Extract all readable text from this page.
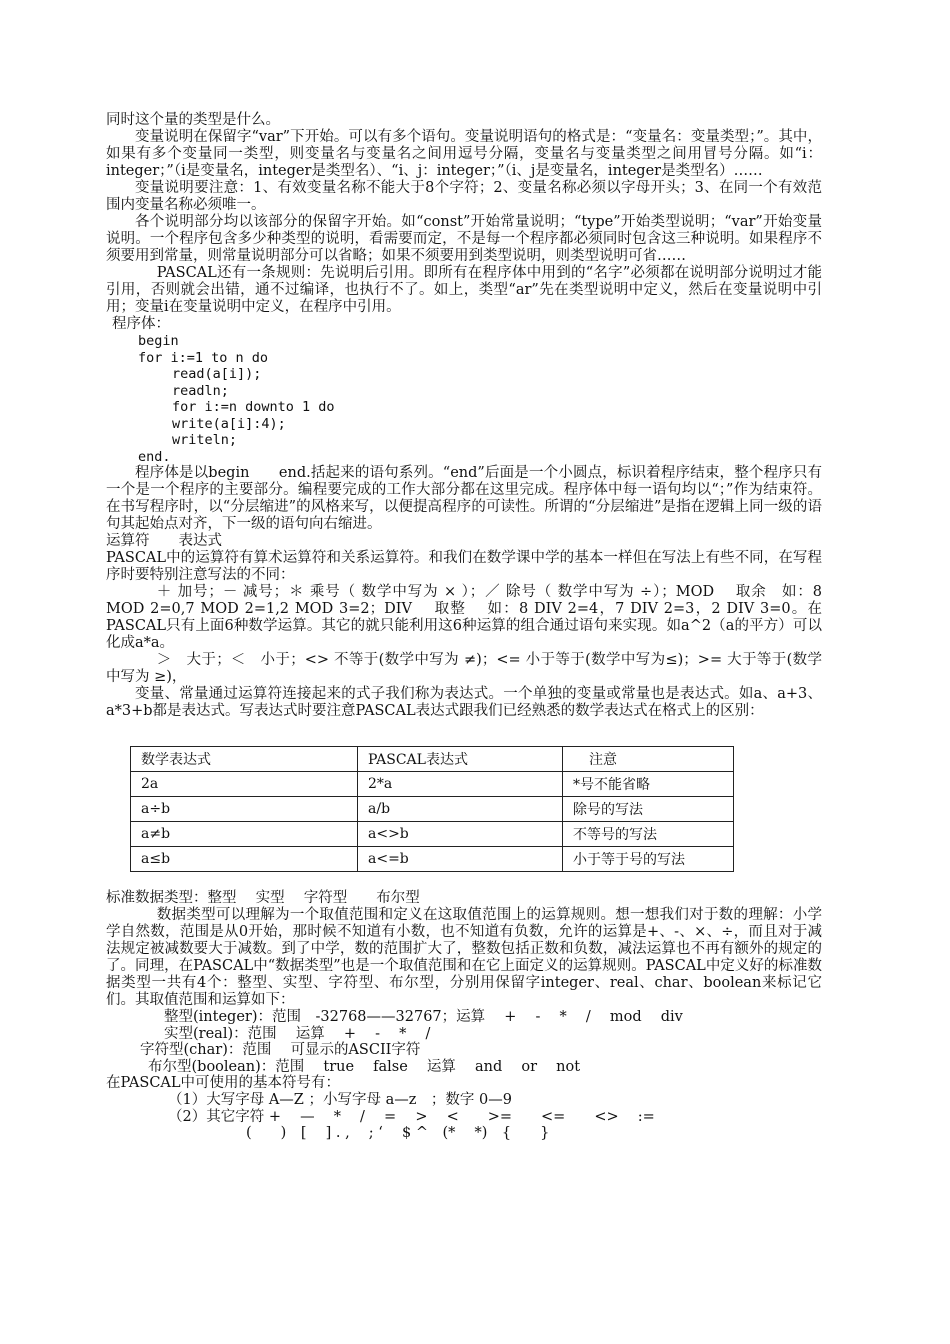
同时这个量的类型是什么。

变量说明在保留字“var”下开始。可以有多个语句。变量说明语句的格式是：“变量名：变量类型；”。其中，如果有多个变量同一类型，则变量名与变量名之间用逗号分隔，变量名与变量类型之间用冒号分隔。如“i：integer；”（i是变量名，integer是类型名）、“i、j：integer；”（i、j是变量名，integer是类型名）……

变量说明要注意：1、有效变量名称不能大于8个字符；2、变量名称必须以字母开头；3、在同一个有效范围内变量名称必须唯一。

各个说明部分均以该部分的保留字开始。如“const”开始常量说明；“type”开始类型说明；“var”开始变量说明。一个程序包含多少种类型的说明，看需要而定，不是每一个程序都必须同时包含这三种说明。如果程序不须要用到常量，则常量说明部分可以省略；如果不须要用到类型说明，则类型说明可省……

PASCAL还有一条规则：先说明后引用。即所有在程序体中用到的“名字”必须都在说明部分说明过才能引用，否则就会出错，通不过编译，也执行不了。如上，类型“ar”先在类型说明中定义，然后在变量说明中引用；变量i在变量说明中定义，在程序中引用。

程序体：

begin
for i:=1 to n do
read(a[i]);
readln;
for i:=n downto 1 do
write(a[i]:4);
writeln;
end.

程序体是以begin　　end.括起来的语句系列。“end”后面是一个小圆点，标识着程序结束，整个程序只有一个是一个程序的主要部分。编程要完成的工作大部分都在这里完成。程序体中每一语句均以“；”作为结束符。在书写程序时，以“分层缩进”的风格来写，以便提高程序的可读性。所谓的“分层缩进”是指在逻辑上同一级的语句其起始点对齐，下一级的语句向右缩进。

运算符　　表达式

PASCAL中的运算符有算术运算符和关系运算符。和我们在数学课中学的基本一样但在写法上有些不同，在写程序时要特别注意写法的不同：

＋ 加号；－ 减号；＊ 乘号（ 数学中写为 × ）；／ 除号（ 数学中写为 ÷）；MOD　 取余　如：8 MOD 2=0,7 MOD 2=1,2 MOD 3=2；DIV　 取整　 如：8 DIV 2=4，7 DIV 2=3，2 DIV 3=0。在PASCAL只有上面6种数学运算。其它的就只能利用这6种运算的组合通过语句来实现。如a^2（a的平方）可以化成a*a。

＞　大于；＜　小于；<> 不等于(数学中写为 ≠)；<= 小于等于(数学中写为≤)；>= 大于等于(数学中写为 ≥)，

变量、常量通过运算符连接起来的式子我们称为表达式。一个单独的变量或常量也是表达式。如a、a+3、a*3+b都是表达式。写表达式时要注意PASCAL表达式跟我们已经熟悉的数学表达式在格式上的区别：

数学表达式	PASCAL表达式	注意
2a	2*a	*号不能省略
a÷b	a/b	除号的写法
a≠b	a<>b	不等号的写法
a≤b	a<=b	小于等于号的写法

标准数据类型：整型　 实型　 字符型　　布尔型

数据类型可以理解为一个取值范围和定义在这取值范围上的运算规则。想一想我们对于数的理解：小学学自然数，范围是从0开始，那时候不知道有小数，也不知道有负数，允许的运算是+、-、×、÷，而且对于减法规定被减数要大于减数。到了中学，数的范围扩大了，整数包括正数和负数，减法运算也不再有额外的规定的了。同理，在PASCAL中“数据类型”也是一个取值范围和在它上面定义的运算规则。PASCAL中定义好的标准数据类型一共有4个：整型、实型、字符型、布尔型，分别用保留字integer、real、char、boolean来标记它们。其取值范围和运算如下：

整型(integer)：范围　-32768——32767；运算　 +　 -　 *　 /　 mod　 div
实型(real)：范围　 运算　 +　 -　 *　 /
字符型(char)：范围　 可显示的ASCII字符
布尔型(boolean)：范围　 true　 false　 运算　 and　 or　 not

在PASCAL中可使用的基本符号有：

（1）大写字母 A—Z ；小写字母 a—z　；数字 0—9
（2）其它字符 +　 —　 *　 /　 =　 >　 <　　>=　　<=　　<>　 :=
(　　)　[　 ] . ,　 ; ‘　 $ ^　(*　 *)　{　　}
